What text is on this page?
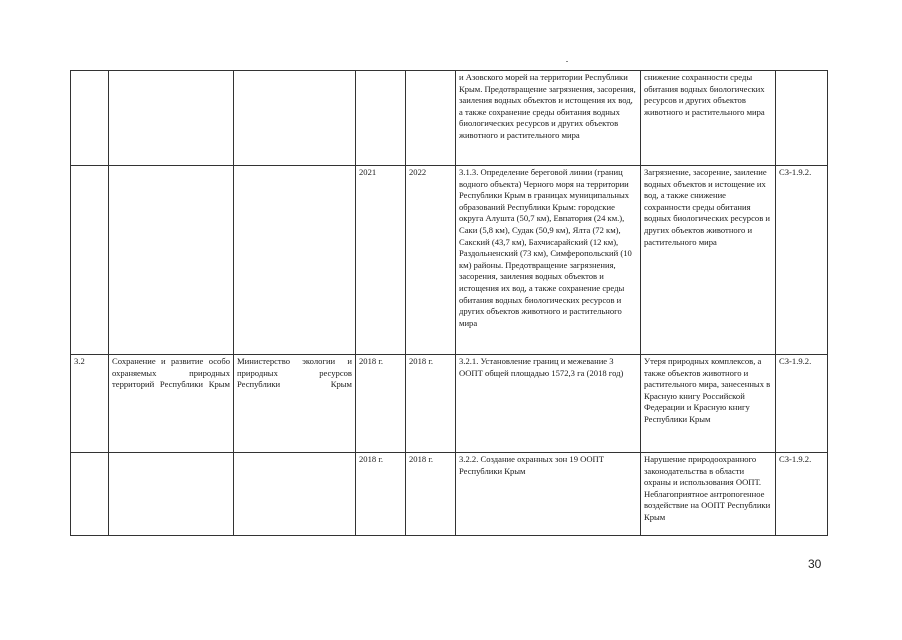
					и Азовского морей на территории Республики Крым. Предотвращение загрязнения, засорения, заиления водных объектов и истощения их вод, а также сохранение среды обитания водных биологических ресурсов и других объектов животного и растительного мира	снижение сохранности среды обитания водных биологических ресурсов и других объектов животного и растительного мира	
			2021	2022	3.1.3. Определение береговой линии (границ водного объекта) Черного моря на территории Республики Крым в границах муниципальных образований Республики Крым: городские округа Алушта (50,7 км), Евпатория (24 км.), Саки (5,8 км), Судак (50,9 км), Ялта (72 км), Сакский (43,7 км), Бахчисарайский (12 км), Раздольненский (73 км), Симферопольский (10 км) районы. Предотвращение загрязнения, засорения, заиления водных объектов и истощения их вод, а также сохранение среды обитания водных биологических ресурсов и других объектов животного и растительного мира	Загрязнение, засорение, заиление водных объектов и истощение их вод, а также снижение сохранности среды обитания водных биологических ресурсов и других объектов животного и растительного мира	СЗ-1.9.2.
3.2	Сохранение и развитие особо охраняемых природных территорий Республики Крым	Министерство экологии и природных ресурсов Республики Крым	2018 г.	2018 г.	3.2.1. Установление границ и межевание 3 ООПТ общей площадью 1572,3 га (2018 год)	Утеря природных комплексов, а также объектов животного и растительного мира, занесенных в Красную книгу Российской Федерации и Красную книгу Республики Крым	СЗ-1.9.2.
			2018 г.	2018 г.	3.2.2. Создание охранных зон 19 ООПТ Республики Крым	Нарушение природоохранного законодательства в области охраны и использования ООПТ. Неблагоприятное антропогенное воздействие на ООПТ Республики Крым	СЗ-1.9.2.
30
